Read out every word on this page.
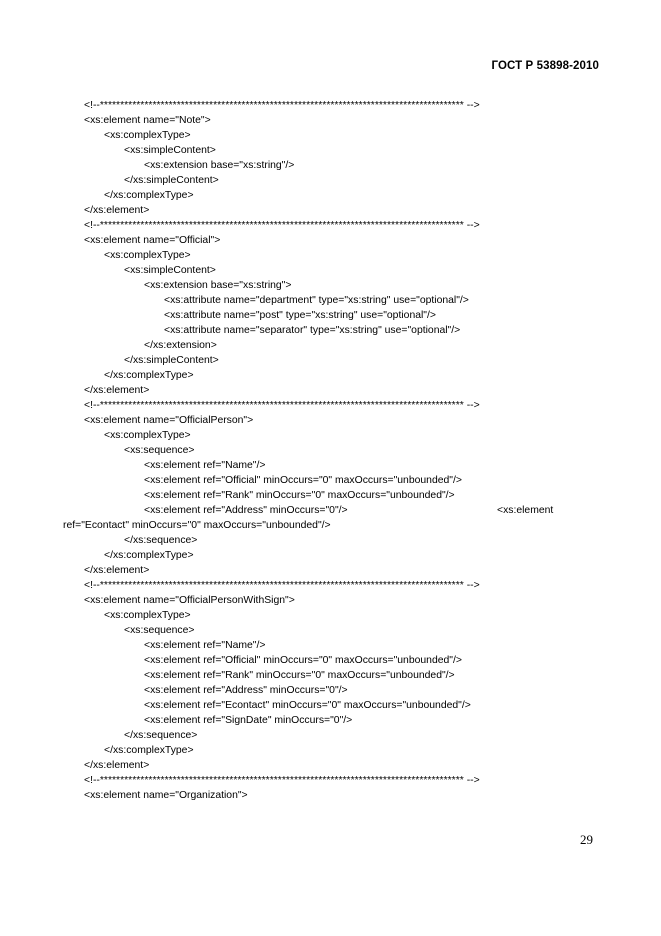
ГОСТ Р 53898-2010
<!--****************************************************************************************** -->
<xs:element name="Note">
<xs:complexType>
<xs:simpleContent>
<xs:extension base="xs:string"/>
</xs:simpleContent>
</xs:complexType>
</xs:element>
<!--****************************************************************************************** -->
<xs:element name="Official">
<xs:complexType>
<xs:simpleContent>
<xs:extension base="xs:string">
<xs:attribute name="department" type="xs:string" use="optional"/>
<xs:attribute name="post" type="xs:string" use="optional"/>
<xs:attribute name="separator" type="xs:string" use="optional"/>
</xs:extension>
</xs:simpleContent>
</xs:complexType>
</xs:element>
<!--****************************************************************************************** -->
<xs:element name="OfficialPerson">
<xs:complexType>
<xs:sequence>
<xs:element ref="Name"/>
<xs:element ref="Official" minOccurs="0" maxOccurs="unbounded"/>
<xs:element ref="Rank" minOccurs="0" maxOccurs="unbounded"/>
<xs:element ref="Address" minOccurs="0"/>	<xs:element
ref="Econtact" minOccurs="0" maxOccurs="unbounded"/>
</xs:sequence>
</xs:complexType>
</xs:element>
<!--****************************************************************************************** -->
<xs:element name="OfficialPersonWithSign">
<xs:complexType>
<xs:sequence>
<xs:element ref="Name"/>
<xs:element ref="Official" minOccurs="0" maxOccurs="unbounded"/>
<xs:element ref="Rank" minOccurs="0" maxOccurs="unbounded"/>
<xs:element ref="Address" minOccurs="0"/>
<xs:element ref="Econtact" minOccurs="0" maxOccurs="unbounded"/>
<xs:element ref="SignDate" minOccurs="0"/>
</xs:sequence>
</xs:complexType>
</xs:element>
<!--****************************************************************************************** -->
<xs:element name="Organization">
29
